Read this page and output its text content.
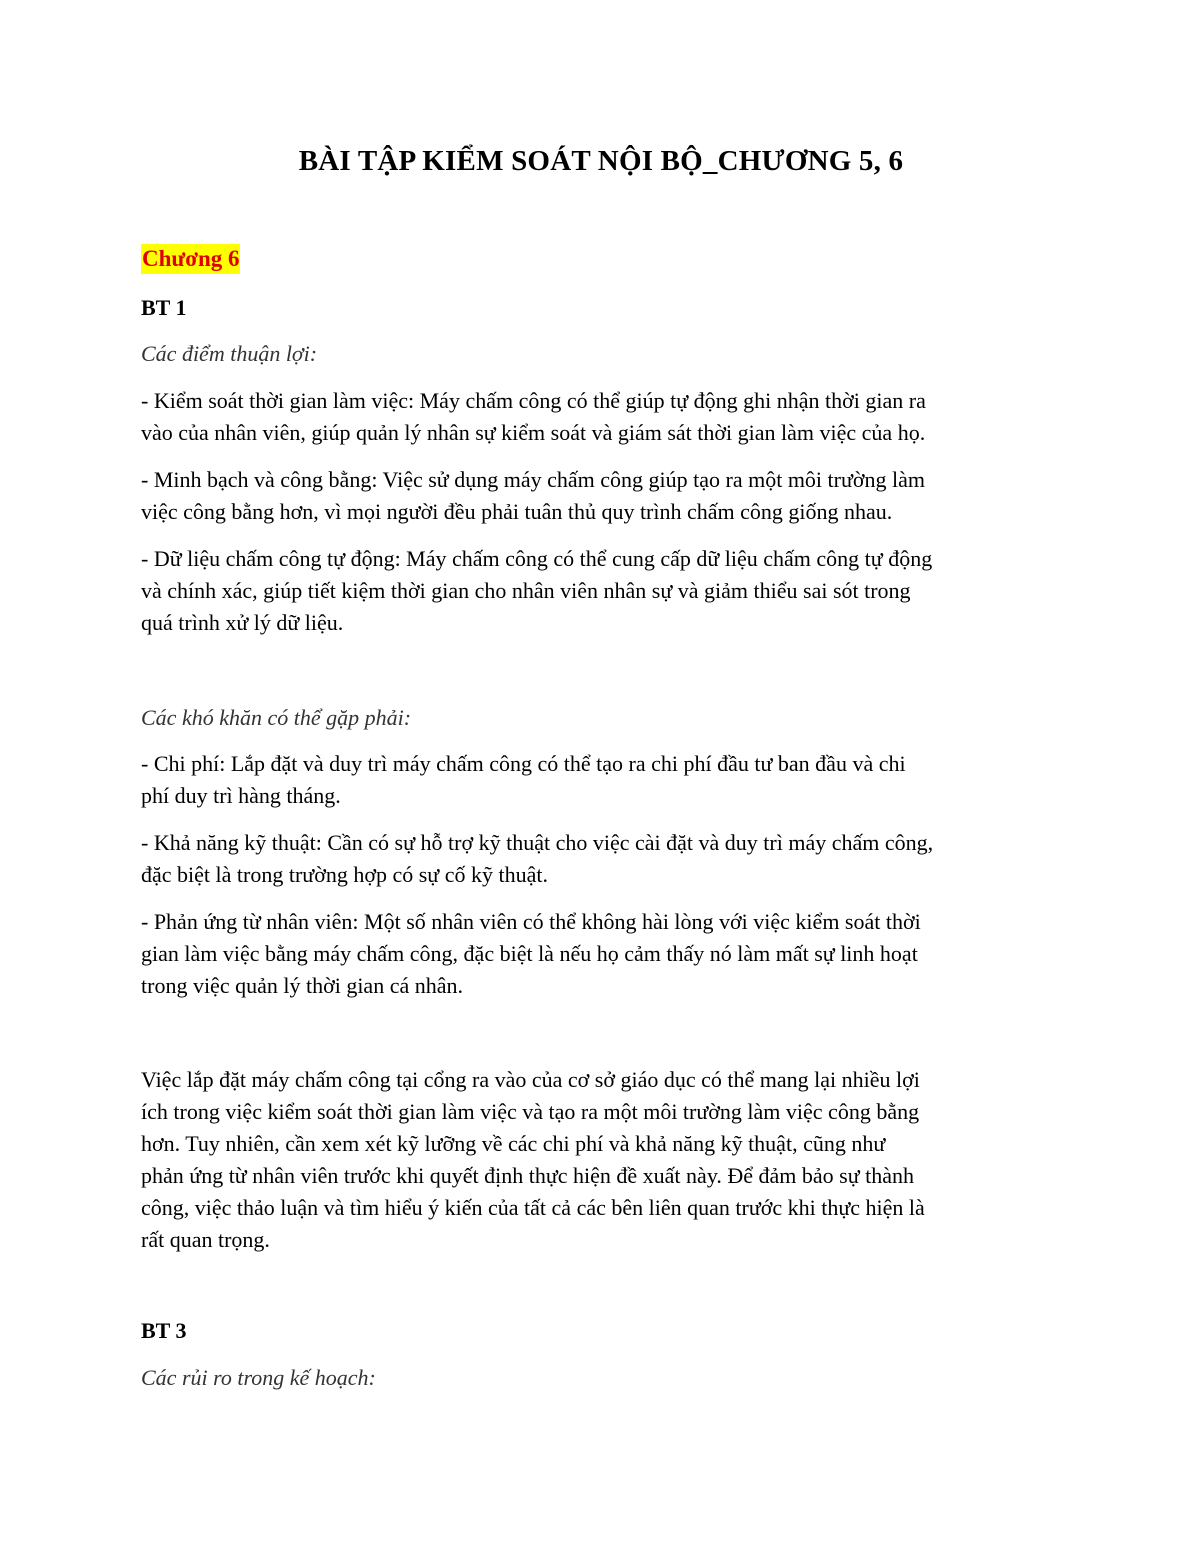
BÀI TẬP KIỂM SOÁT NỘI BỘ_CHƯƠNG 5, 6
Chương 6
BT 1
Các điểm thuận lợi:
- Kiểm soát thời gian làm việc: Máy chấm công có thể giúp tự động ghi nhận thời gian ra
vào của nhân viên, giúp quản lý nhân sự kiểm soát và giám sát thời gian làm việc của họ.
- Minh bạch và công bằng: Việc sử dụng máy chấm công giúp tạo ra một môi trường làm
việc công bằng hơn, vì mọi người đều phải tuân thủ quy trình chấm công giống nhau.
- Dữ liệu chấm công tự động: Máy chấm công có thể cung cấp dữ liệu chấm công tự động
và chính xác, giúp tiết kiệm thời gian cho nhân viên nhân sự và giảm thiểu sai sót trong
quá trình xử lý dữ liệu.
Các khó khăn có thể gặp phải:
- Chi phí: Lắp đặt và duy trì máy chấm công có thể tạo ra chi phí đầu tư ban đầu và chi
phí duy trì hàng tháng.
- Khả năng kỹ thuật: Cần có sự hỗ trợ kỹ thuật cho việc cài đặt và duy trì máy chấm công,
đặc biệt là trong trường hợp có sự cố kỹ thuật.
- Phản ứng từ nhân viên: Một số nhân viên có thể không hài lòng với việc kiểm soát thời
gian làm việc bằng máy chấm công, đặc biệt là nếu họ cảm thấy nó làm mất sự linh hoạt
trong việc quản lý thời gian cá nhân.
Việc lắp đặt máy chấm công tại cổng ra vào của cơ sở giáo dục có thể mang lại nhiều lợi
ích trong việc kiểm soát thời gian làm việc và tạo ra một môi trường làm việc công bằng
hơn. Tuy nhiên, cần xem xét kỹ lưỡng về các chi phí và khả năng kỹ thuật, cũng như
phản ứng từ nhân viên trước khi quyết định thực hiện đề xuất này. Để đảm bảo sự thành
công, việc thảo luận và tìm hiểu ý kiến của tất cả các bên liên quan trước khi thực hiện là
rất quan trọng.
BT 3
Các rủi ro trong kế hoạch:
